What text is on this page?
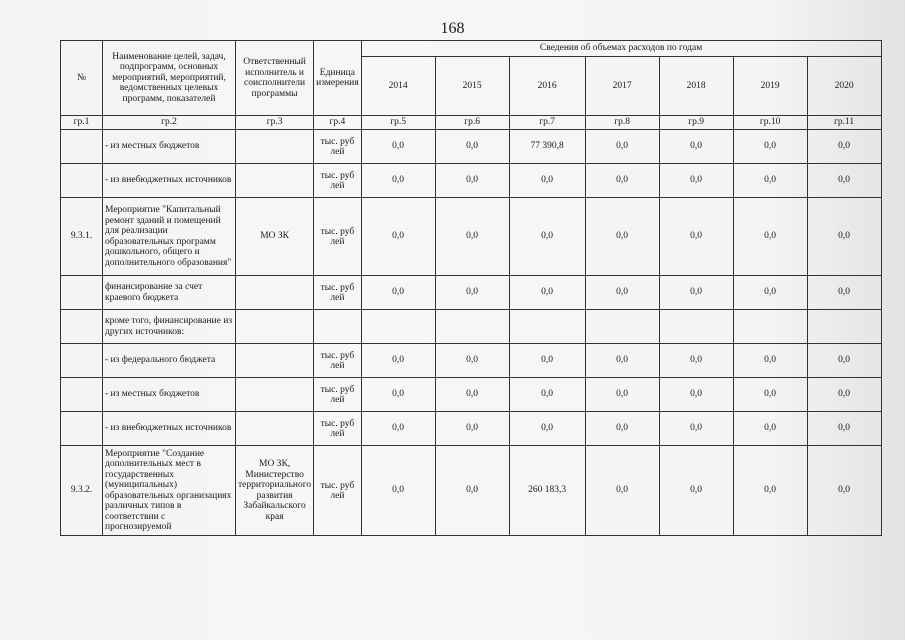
168
№	Наименование целей, задач, подпрограмм, основных мероприятий, мероприятий, ведомственных целевых программ, показателей	Ответственный исполнитель и соисполнители программы	Единица измерения	Сведения об объемах расходов по годам						
				2014	2015	2016	2017	2018	2019	2020
гр.1	гр.2	гр.3	гр.4	гр.5	гр.6	гр.7	гр.8	гр.9	гр.10	гр.11
	- из местных бюджетов		тыс. руб лей	0,0	0,0	77 390,8	0,0	0,0	0,0	0,0
	- из внебюджетных источников		тыс. руб лей	0,0	0,0	0,0	0,0	0,0	0,0	0,0
9.3.1.	Мероприятие "Капитальный ремонт зданий и помещений для реализации образовательных программ дошкольного, общего и дополнительного образования"	МО ЗК	тыс. руб лей	0,0	0,0	0,0	0,0	0,0	0,0	0,0
	финансирование за счет краевого бюджета		тыс. руб лей	0,0	0,0	0,0	0,0	0,0	0,0	0,0
	кроме того, финансирование из других источников:									
	- из федерального бюджета		тыс. руб лей	0,0	0,0	0,0	0,0	0,0	0,0	0,0
	- из местных бюджетов		тыс. руб лей	0,0	0,0	0,0	0,0	0,0	0,0	0,0
	- из внебюджетных источников		тыс. руб лей	0,0	0,0	0,0	0,0	0,0	0,0	0,0
9.3.2.	Мероприятие "Создание дополнительных мест в государственных (муниципальных) образовательных организациях различных типов в соответствии с прогнозируемой	МО ЗК, Министерство территориального развития Забайкальского края	тыс. руб лей	0,0	0,0	260 183,3	0,0	0,0	0,0	0,0
